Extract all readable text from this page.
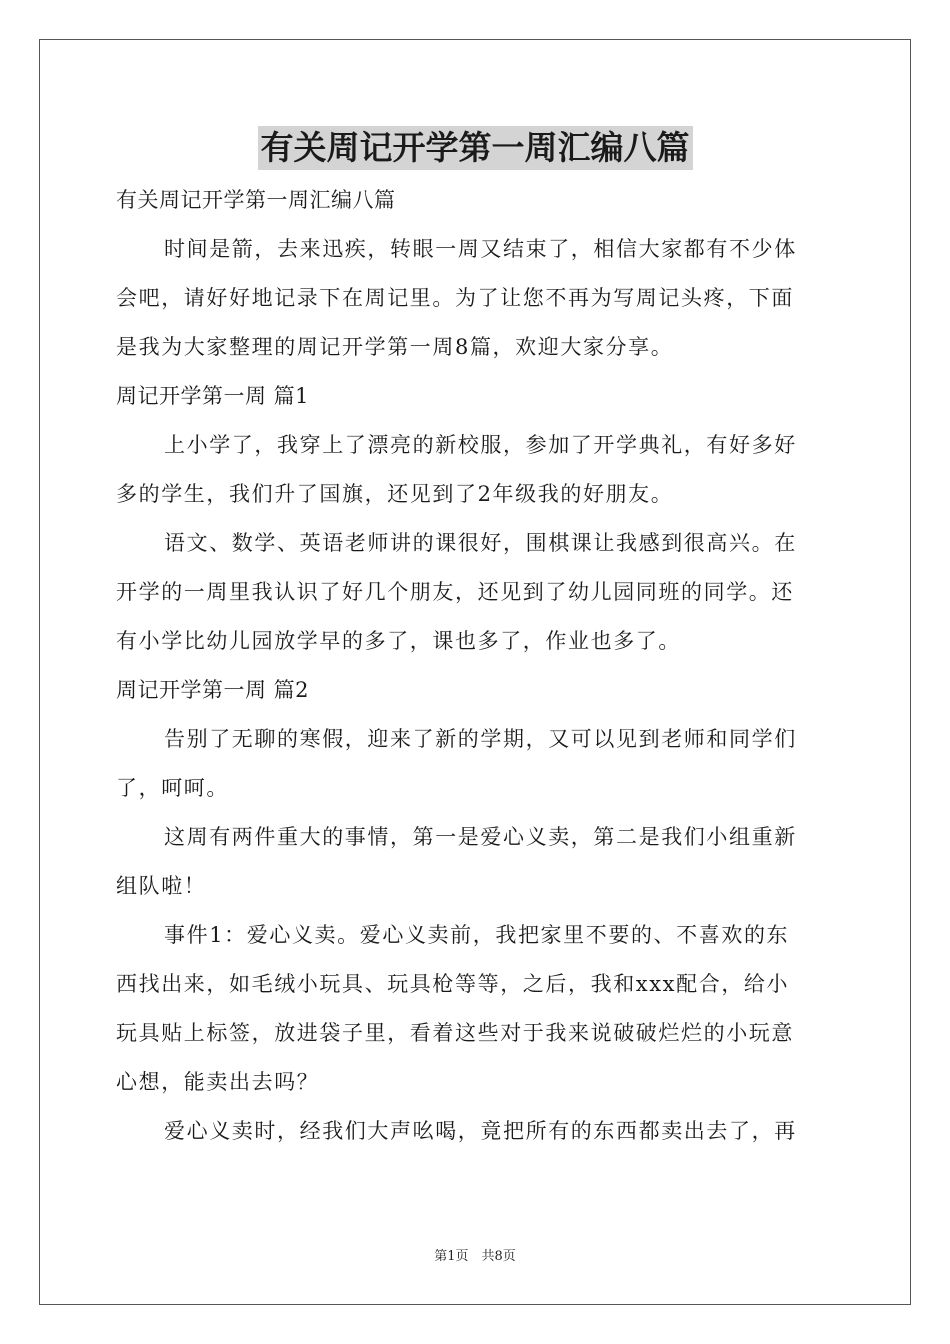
有关周记开学第一周汇编八篇
有关周记开学第一周汇编八篇
时间是箭，去来迅疾，转眼一周又结束了，相信大家都有不少体
会吧，请好好地记录下在周记里。为了让您不再为写周记头疼，下面
是我为大家整理的周记开学第一周8篇，欢迎大家分享。
周记开学第一周 篇1
上小学了，我穿上了漂亮的新校服，参加了开学典礼，有好多好
多的学生，我们升了国旗，还见到了2年级我的好朋友。
语文、数学、英语老师讲的课很好，围棋课让我感到很高兴。在
开学的一周里我认识了好几个朋友，还见到了幼儿园同班的同学。还
有小学比幼儿园放学早的多了，课也多了，作业也多了。
周记开学第一周 篇2
告别了无聊的寒假，迎来了新的学期，又可以见到老师和同学们
了，呵呵。
这周有两件重大的事情，第一是爱心义卖，第二是我们小组重新
组队啦！
事件1：爱心义卖。爱心义卖前，我把家里不要的、不喜欢的东
西找出来，如毛绒小玩具、玩具枪等等，之后，我和xxx配合，给小
玩具贴上标签，放进袋子里，看着这些对于我来说破破烂烂的小玩意
心想，能卖出去吗？
爱心义卖时，经我们大声吆喝，竟把所有的东西都卖出去了，再
第1页　共8页
